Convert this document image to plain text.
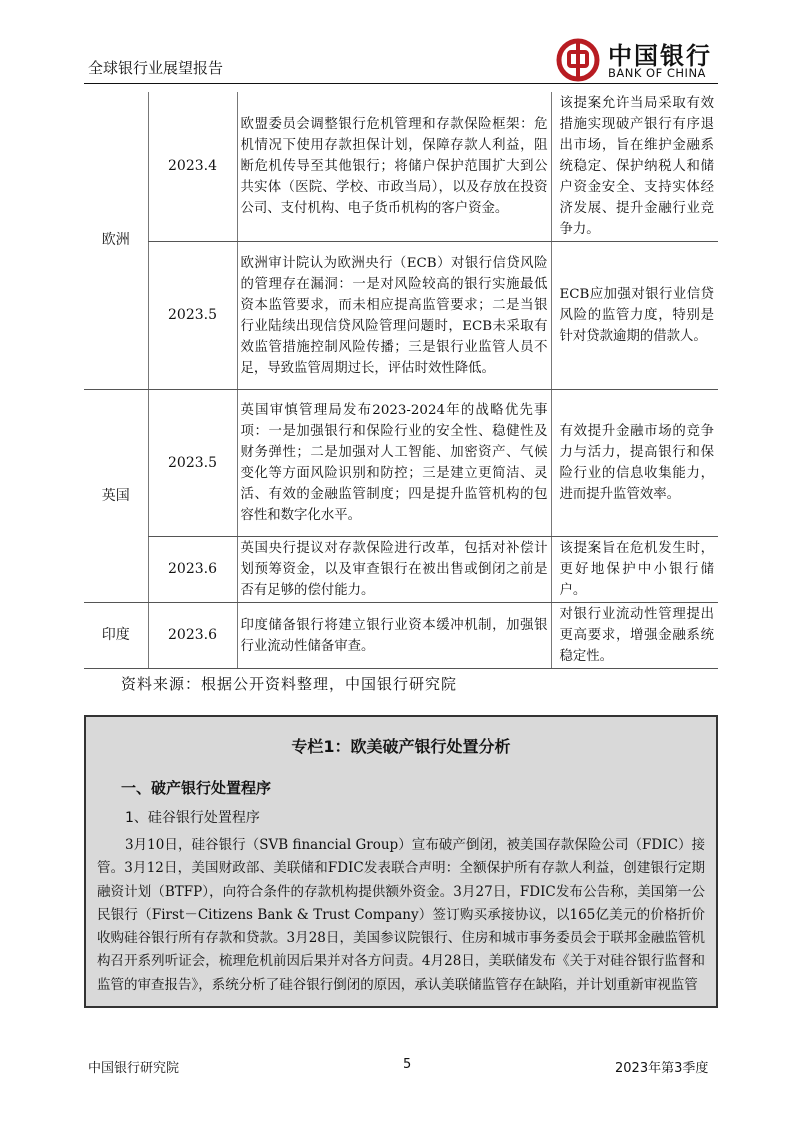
全球银行业展望报告	中国银行
BANK OF CHINA
欧洲	2023.4	欧盟委员会调整银行危机管理和存款保险框架：危机情况下使用存款担保计划，保障存款人利益，阻断危机传导至其他银行；将储户保护范围扩大到公共实体（医院、学校、市政当局），以及存放在投资公司、支付机构、电子货币机构的客户资金。	该提案允许当局采取有效措施实现破产银行有序退出市场，旨在维护金融系统稳定、保护纳税人和储户资金安全、支持实体经济发展、提升金融行业竞争力。
	2023.5	欧洲审计院认为欧洲央行（ECB）对银行信贷风险的管理存在漏洞：一是对风险较高的银行实施最低资本监管要求，而未相应提高监管要求；二是当银行业陆续出现信贷风险管理问题时，ECB未采取有效监管措施控制风险传播；三是银行业监管人员不足，导致监管周期过长，评估时效性降低。	ECB应加强对银行业信贷风险的监管力度，特别是针对贷款逾期的借款人。
英国	2023.5	英国审慎管理局发布2023-2024年的战略优先事项：一是加强银行和保险行业的安全性、稳健性及财务弹性；二是加强对人工智能、加密资产、气候变化等方面风险识别和防控；三是建立更简洁、灵活、有效的金融监管制度；四是提升监管机构的包容性和数字化水平。	有效提升金融市场的竞争力与活力，提高银行和保险行业的信息收集能力，进而提升监管效率。
	2023.6	英国央行提议对存款保险进行改革，包括对补偿计划预筹资金，以及审查银行在被出售或倒闭之前是否有足够的偿付能力。	该提案旨在危机发生时，更好地保护中小银行储户。
印度	2023.6	印度储备银行将建立银行业资本缓冲机制，加强银行业流动性储备审查。	对银行业流动性管理提出更高要求，增强金融系统稳定性。
资料来源：根据公开资料整理，中国银行研究院
专栏1：欧美破产银行处置分析
一、破产银行处置程序
1、硅谷银行处置程序
3月10日，硅谷银行（SVB financial Group）宣布破产倒闭，被美国存款保险公司（FDIC）接管。3月12日，美国财政部、美联储和FDIC发表联合声明：全额保护所有存款人利益，创建银行定期融资计划（BTFP），向符合条件的存款机构提供额外资金。3月27日，FDIC发布公告称，美国第一公民银行（First－Citizens Bank & Trust Company）签订购买承接协议，以165亿美元的价格折价收购硅谷银行所有存款和贷款。3月28日，美国参议院银行、住房和城市事务委员会于联邦金融监管机构召开系列听证会，梳理危机前因后果并对各方问责。4月28日，美联储发布《关于对硅谷银行监督和监管的审查报告》，系统分析了硅谷银行倒闭的原因，承认美联储监管存在缺陷，并计划重新审视监管
中国银行研究院	5	2023年第3季度
